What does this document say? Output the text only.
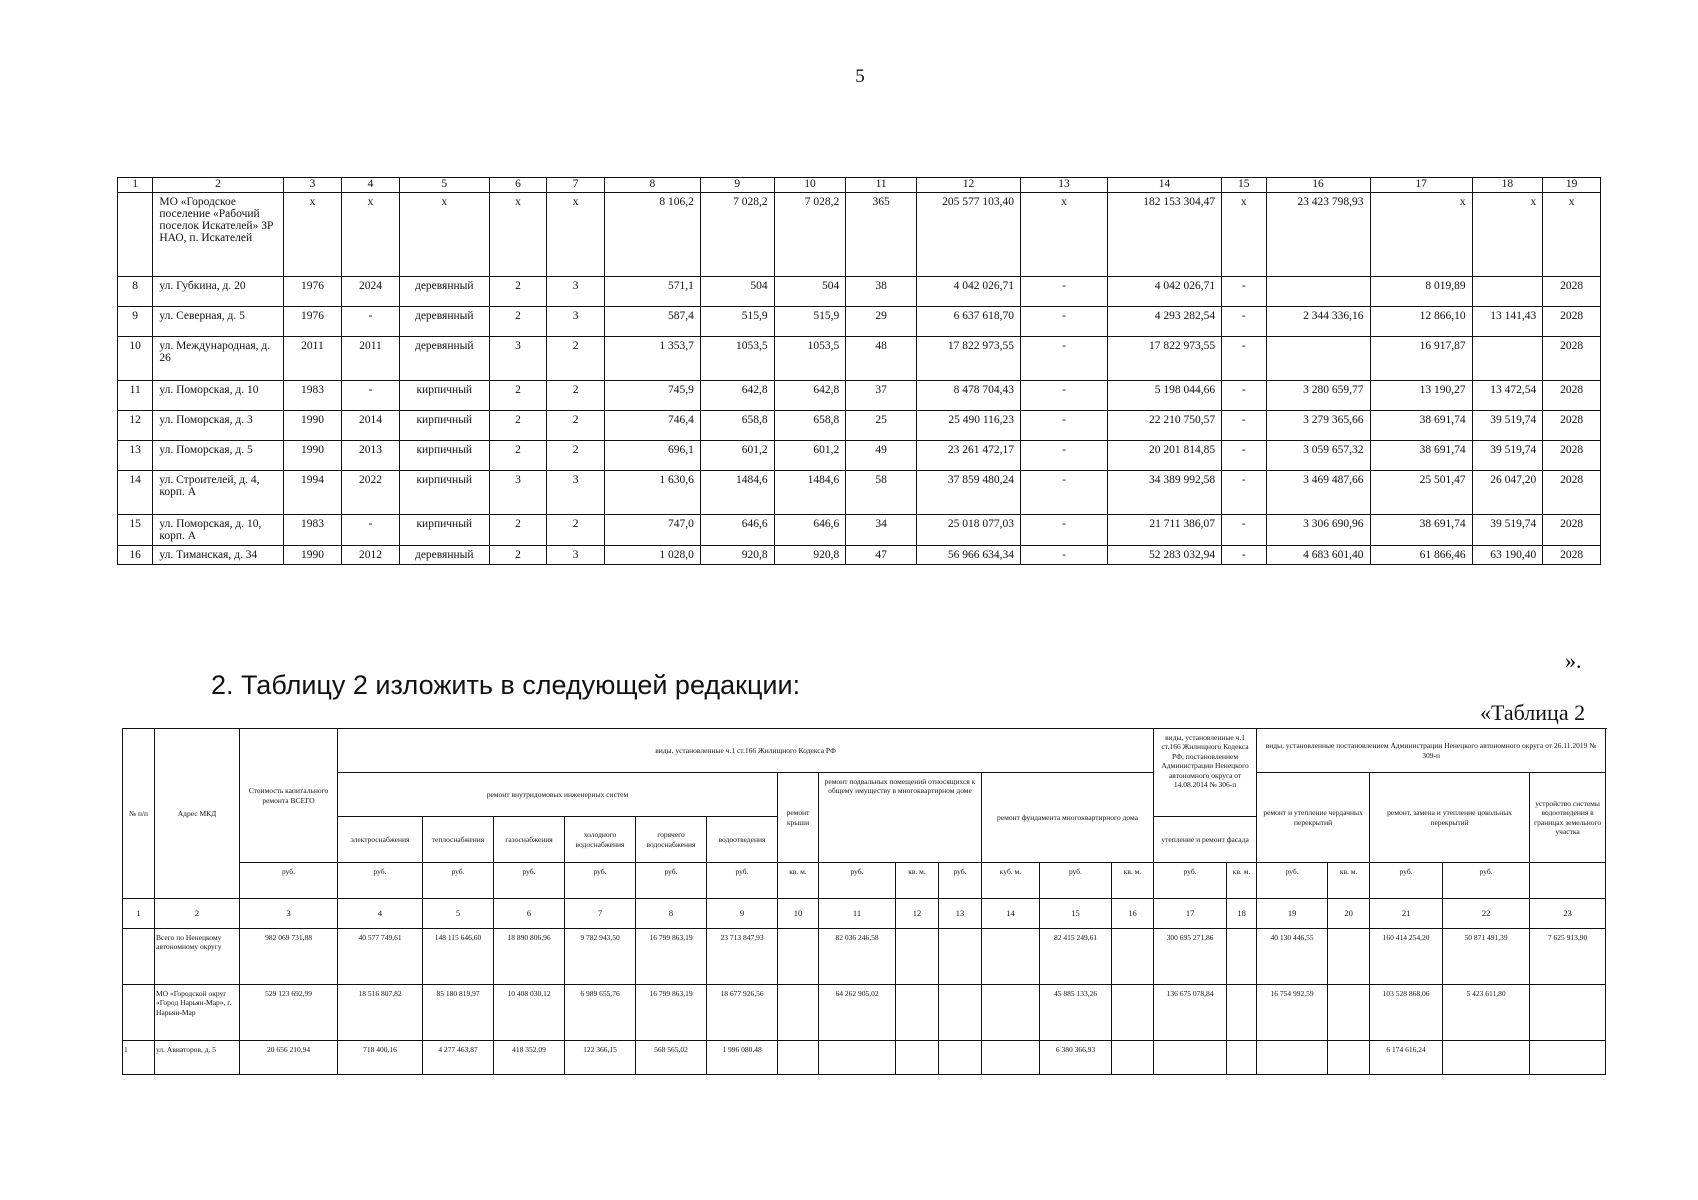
5
1	2	3	4	5	6	7	8	9	10	11	12	13	14	15	16	17	18	19
	МО «Городское поселение «Рабочий поселок Искателей» ЗР НАО, п. Искателей	х	х	х	х	х	8 106,2	7 028,2	7 028,2	365	205 577 103,40	х	182 153 304,47	х	23 423 798,93	х	х	х
8	ул. Губкина, д. 20	1976	2024	деревянный	2	3	571,1	504	504	38	4 042 026,71	-	4 042 026,71	-		8 019,89		2028
9	ул. Северная, д. 5	1976	-	деревянный	2	3	587,4	515,9	515,9	29	6 637 618,70	-	4 293 282,54	-	2 344 336,16	12 866,10	13 141,43	2028
10	ул. Международная, д. 26	2011	2011	деревянный	3	2	1 353,7	1053,5	1053,5	48	17 822 973,55	-	17 822 973,55	-		16 917,87		2028
11	ул. Поморская, д. 10	1983	-	кирпичный	2	2	745,9	642,8	642,8	37	8 478 704,43	-	5 198 044,66	-	3 280 659,77	13 190,27	13 472,54	2028
12	ул. Поморская, д. 3	1990	2014	кирпичный	2	2	746,4	658,8	658,8	25	25 490 116,23	-	22 210 750,57	-	3 279 365,66	38 691,74	39 519,74	2028
13	ул. Поморская, д. 5	1990	2013	кирпичный	2	2	696,1	601,2	601,2	49	23 261 472,17	-	20 201 814,85	-	3 059 657,32	38 691,74	39 519,74	2028
14	ул. Строителей, д. 4, корп. А	1994	2022	кирпичный	3	3	1 630,6	1484,6	1484,6	58	37 859 480,24	-	34 389 992,58	-	3 469 487,66	25 501,47	26 047,20	2028
15	ул. Поморская, д. 10, корп. А	1983	-	кирпичный	2	2	747,0	646,6	646,6	34	25 018 077,03	-	21 711 386,07	-	3 306 690,96	38 691,74	39 519,74	2028
16	ул. Тиманская, д. 34	1990	2012	деревянный	2	3	1 028,0	920,8	920,8	47	56 966 634,34	-	52 283 032,94	-	4 683 601,40	61 866,46	63 190,40	2028
».
2. Таблицу 2 изложить в следующей редакции:
«Таблица 2
№ п/п	Адрес МКД	Стоимость капитального ремонта ВСЕГО	виды, установленные ч.1 ст.166 Жилищного Кодекса РФ													виды, установленные ч.1 ст.166 Жилищного Кодекса РФ, постановлением Администрации Ненецкого автономного округа от 14.08.2014 № 306-п		виды, установленные постановлением Администрации Ненецкого автономного округа от 26.11.2019 № 309-п					
			ремонт внутридомовых инженерных систем						ремонт крыши	ремонт подвальных помещений относящихся к общему имуществу в многоквартирном доме			ремонт фундамента многоквартирного дома					ремонт и утепление чердачных перекрытий		ремонт, замена и утепление цокольных перекрытий		устройство системы водоотведения в границах земельного участка	
			электроснабжения	теплоснабжения	газоснабжения	холодного водоснабжения	горячего водоснабжения	водоотведения								утепление и ремонт фасада							
		руб.	руб.	руб.	руб.	руб.	руб.	руб.	кв. м.	руб.	кв. м.	руб.	куб. м.	руб.	кв. м.	руб.	кв. м.	руб.	кв. м.	руб.	руб.		
1	2	3	4	5	6	7	8	9	10	11	12	13	14	15	16	17	18	19	20	21	22	23	
	Всего по Ненецкому автономному округу	982 069 731,88	40 577 749,61	148 115 646,60	18 890 806,96	9 782 943,50	16 799 863,19	23 713 847,93		82 036 246,58				82 415 249,61		300 695 271,86		40 130 446,55		160 414 254,20	50 871 491,39	7 625 913,90	
	МО «Городской округ «Город Нарьян-Мар», г. Нарьян-Мар	529 123 692,99	18 516 807,82	85 180 819,97	10 408 030,12	6 989 655,76	16 799 863,19	18 677 926,56		64 262 905,02				45 885 133,26		136 675 078,84		16 754 992,59		103 528 868,06	5 423 611,80		
1	ул. Авиаторов, д. 5	20 656 210,94	718 400,16	4 277 463,87	418 352,09	122 366,15	568 565,02	1 996 080,48						6 380 366,93						6 174 616,24			
